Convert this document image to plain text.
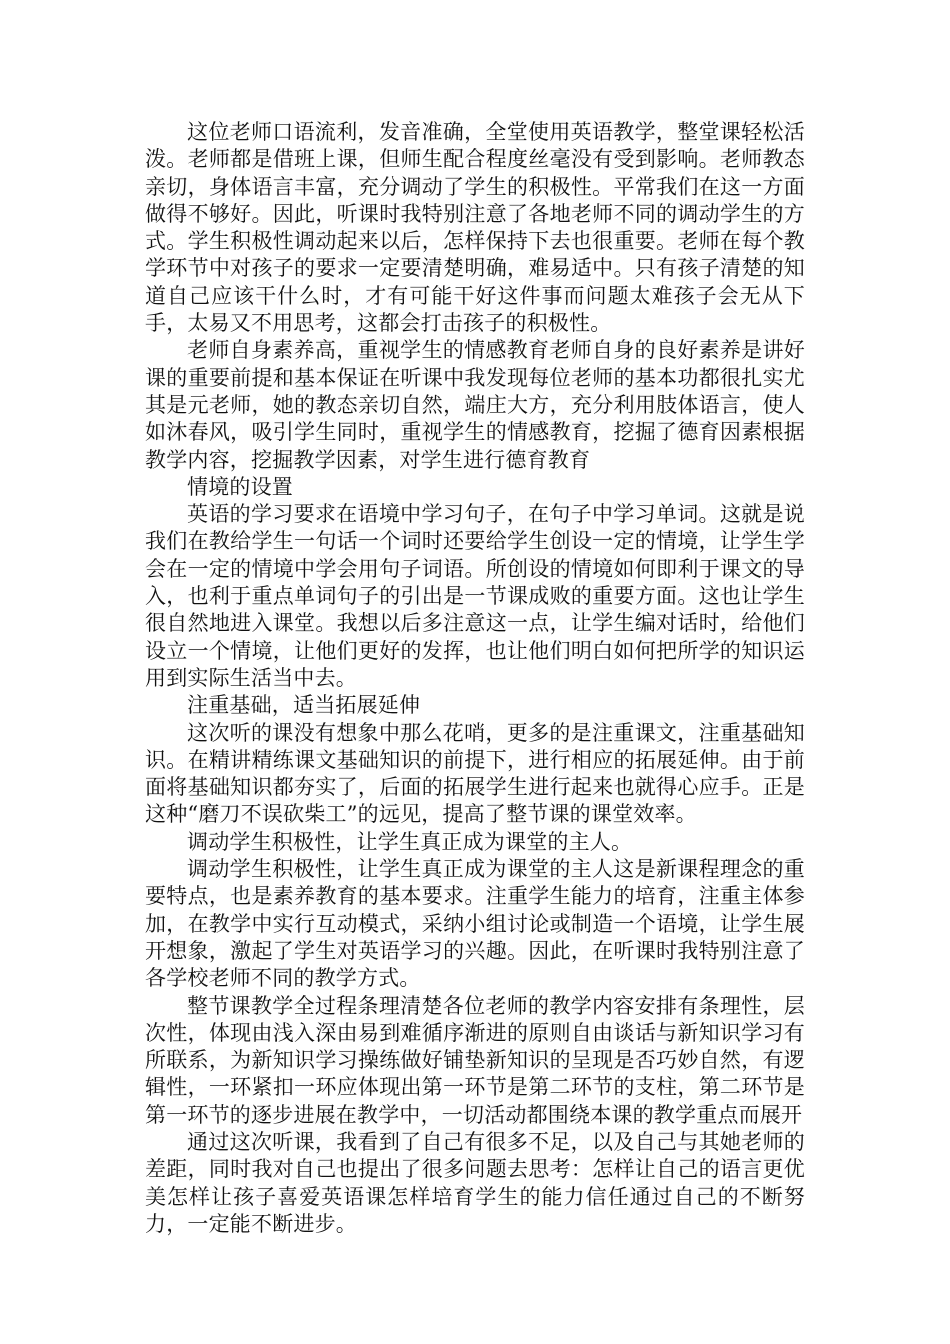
这位老师口语流利，发音准确，全堂使用英语教学，整堂课轻松活泼。老师都是借班上课，但师生配合程度丝毫没有受到影响。老师教态亲切，身体语言丰富，充分调动了学生的积极性。平常我们在这一方面做得不够好。因此，听课时我特别注意了各地老师不同的调动学生的方式。学生积极性调动起来以后，怎样保持下去也很重要。老师在每个教学环节中对孩子的要求一定要清楚明确，难易适中。只有孩子清楚的知道自己应该干什么时，才有可能干好这件事而问题太难孩子会无从下手，太易又不用思考，这都会打击孩子的积极性。

老师自身素养高，重视学生的情感教育老师自身的良好素养是讲好课的重要前提和基本保证在听课中我发现每位老师的基本功都很扎实尤其是元老师，她的教态亲切自然，端庄大方，充分利用肢体语言，使人如沐春风，吸引学生同时，重视学生的情感教育，挖掘了德育因素根据教学内容，挖掘教学因素，对学生进行德育教育

情境的设置

英语的学习要求在语境中学习句子，在句子中学习单词。这就是说我们在教给学生一句话一个词时还要给学生创设一定的情境，让学生学会在一定的情境中学会用句子词语。所创设的情境如何即利于课文的导入，也利于重点单词句子的引出是一节课成败的重要方面。这也让学生很自然地进入课堂。我想以后多注意这一点，让学生编对话时，给他们设立一个情境，让他们更好的发挥，也让他们明白如何把所学的知识运用到实际生活当中去。

注重基础，适当拓展延伸

这次听的课没有想象中那么花哨，更多的是注重课文，注重基础知识。在精讲精练课文基础知识的前提下，进行相应的拓展延伸。由于前面将基础知识都夯实了，后面的拓展学生进行起来也就得心应手。正是这种“磨刀不误砍柴工”的远见，提高了整节课的课堂效率。

调动学生积极性，让学生真正成为课堂的主人。

调动学生积极性，让学生真正成为课堂的主人这是新课程理念的重要特点，也是素养教育的基本要求。注重学生能力的培育，注重主体参加，在教学中实行互动模式，采纳小组讨论或制造一个语境，让学生展开想象，激起了学生对英语学习的兴趣。因此，在听课时我特别注意了各学校老师不同的教学方式。

整节课教学全过程条理清楚各位老师的教学内容安排有条理性，层次性，体现由浅入深由易到难循序渐进的原则自由谈话与新知识学习有所联系，为新知识学习操练做好铺垫新知识的呈现是否巧妙自然，有逻辑性，一环紧扣一环应体现出第一环节是第二环节的支柱，第二环节是第一环节的逐步进展在教学中，一切活动都围绕本课的教学重点而展开

通过这次听课，我看到了自己有很多不足，以及自己与其她老师的差距，同时我对自己也提出了很多问题去思考：怎样让自己的语言更优美怎样让孩子喜爱英语课怎样培育学生的能力信任通过自己的不断努力，一定能不断进步。
